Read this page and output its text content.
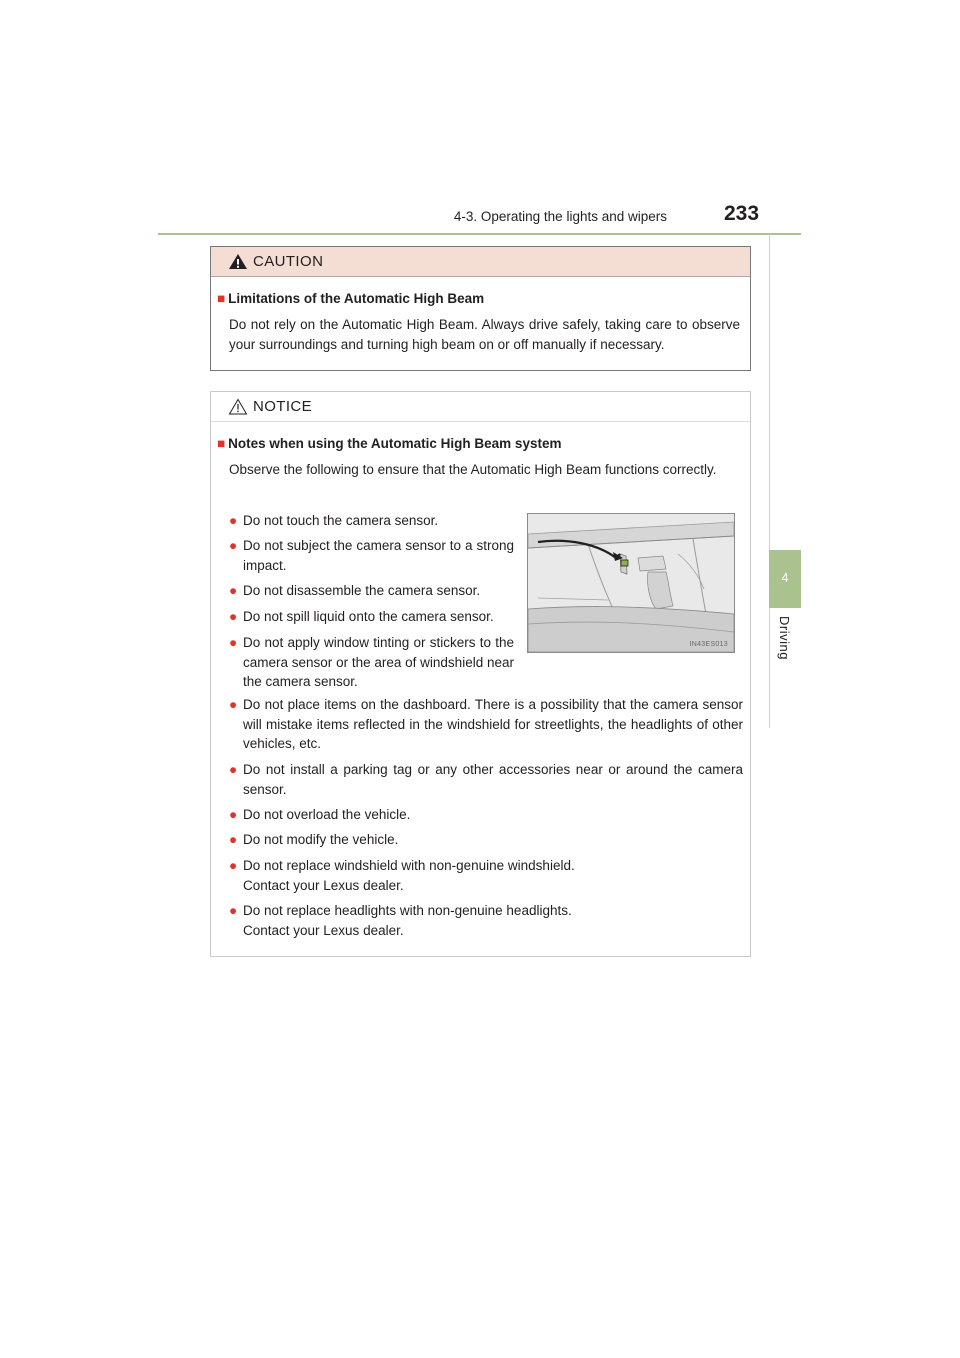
4-3. Operating the lights and wipers	233
4
Driving
CAUTION
■ Limitations of the Automatic High Beam
Do not rely on the Automatic High Beam. Always drive safely, taking care to observe your surroundings and turning high beam on or off manually if necessary.
NOTICE
■ Notes when using the Automatic High Beam system
Observe the following to ensure that the Automatic High Beam functions correctly.
● Do not touch the camera sensor.
● Do not subject the camera sensor to a strong impact.
● Do not disassemble the camera sensor.
● Do not spill liquid onto the camera sensor.
● Do not apply window tinting or stickers to the camera sensor or the area of windshield near the camera sensor.
IN43ES013
● Do not place items on the dashboard. There is a possibility that the camera sensor will mistake items reflected in the windshield for streetlights, the headlights of other vehicles, etc.
● Do not install a parking tag or any other accessories near or around the camera sensor.
● Do not overload the vehicle.
● Do not modify the vehicle.
● Do not replace windshield with non-genuine windshield.
Contact your Lexus dealer.
● Do not replace headlights with non-genuine headlights.
Contact your Lexus dealer.
